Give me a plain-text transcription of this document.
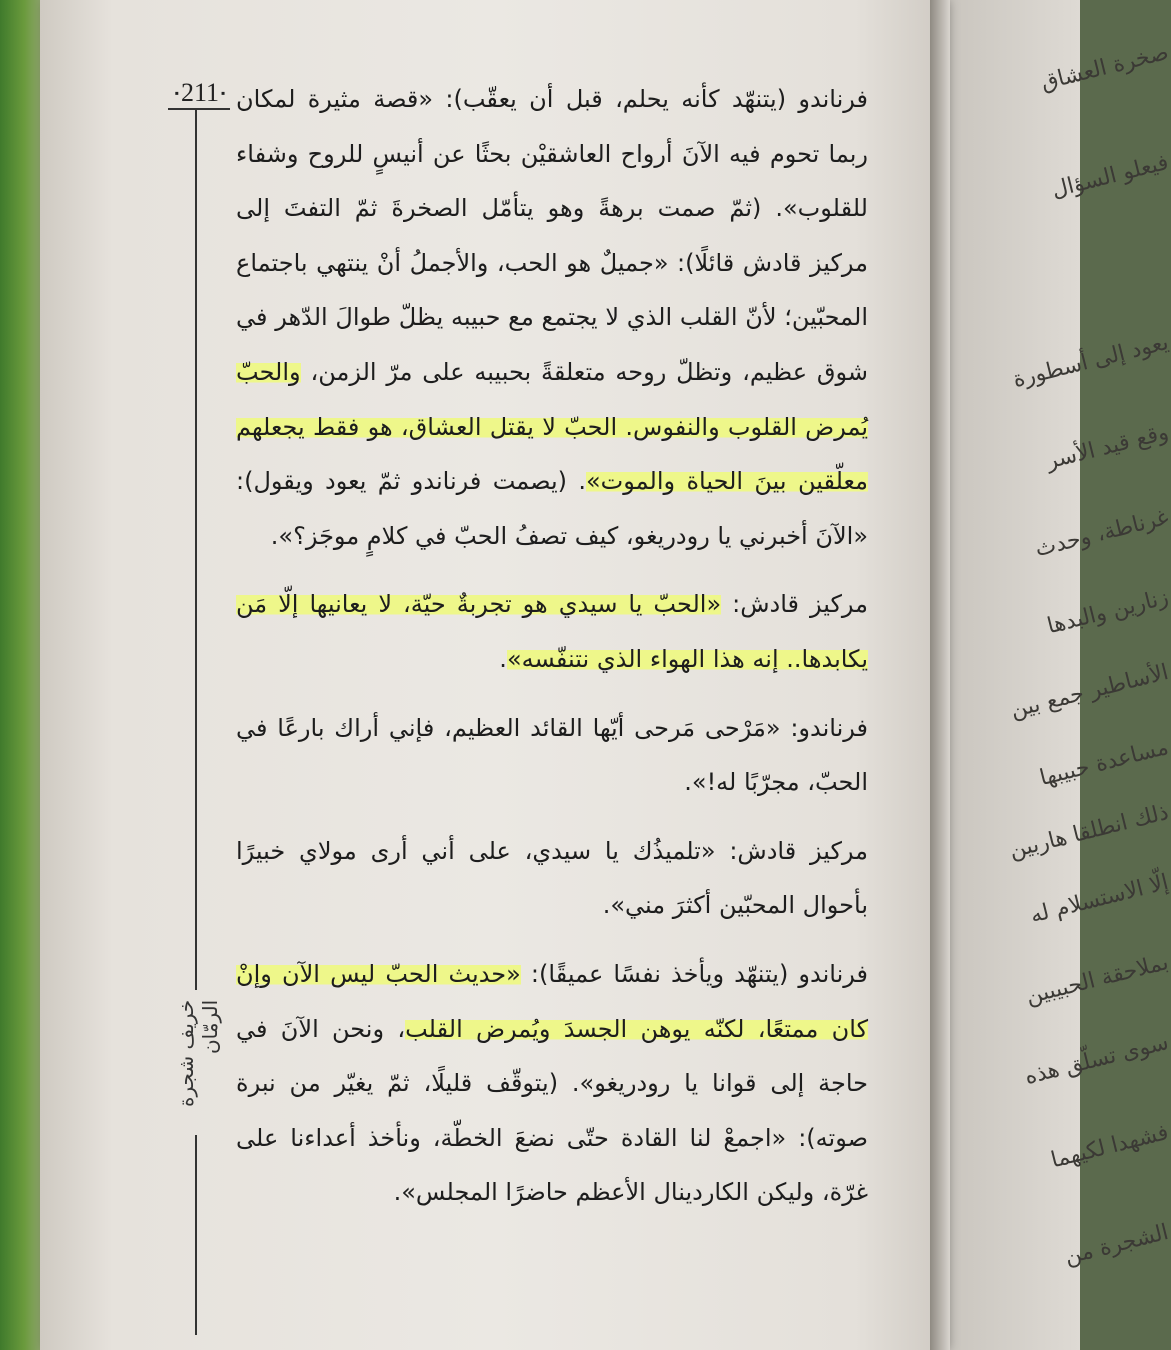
صخرة العشاق
فيعلو السؤال
يعود إلى أسطورة
وقع قيد الأسر
غرناطة، وحدث
زنارين والبدها
الأساطير جمع بين
مساعدة حبيبها
ذلك انطلقا هاربين
إلّا الاستسلام له
بملاحقة الحبيبين
سوى تسلّق هذه
فشهدا لكيهما
الشجرة من
▪ 211 ▪
خريف شجرة الرمّان

فرناندو (يتنهّد كأنه يحلم، قبل أن يعقّب): «قصة مثيرة لمكان ربما تحوم فيه الآنَ أرواح العاشقيْن بحثًا عن أنيسٍ للروح وشفاء للقلوب». (ثمّ صمت برهةً وهو يتأمّل الصخرةَ ثمّ التفتَ إلى مركيز قادش قائلًا): «جميلٌ هو الحب، والأجملُ أنْ ينتهي باجتماع المحبّين؛ لأنّ القلب الذي لا يجتمع مع حبيبه يظلّ طوالَ الدّهر في شوق عظيم، وتظلّ روحه متعلقةً بحبيبه على مرّ الزمن، والحبّ يُمرض القلوب والنفوس. الحبّ لا يقتل العشاق، هو فقط يجعلهم معلّقين بينَ الحياة والموت». (يصمت فرناندو ثمّ يعود ويقول): «الآنَ أخبرني يا رودريغو، كيف تصفُ الحبّ في كلامٍ موجَز؟».

مركيز قادش: «الحبّ يا سيدي هو تجربةٌ حيّة، لا يعانيها إلّا مَن يكابدها.. إنه هذا الهواء الذي نتنفّسه».

فرناندو: «مَرْحى مَرحى أيّها القائد العظيم، فإني أراك بارعًا في الحبّ، مجرّبًا له!».

مركيز قادش: «تلميذُك يا سيدي، على أني أرى مولاي خبيرًا بأحوال المحبّين أكثرَ مني».

فرناندو (يتنهّد ويأخذ نفسًا عميقًا): «حديث الحبّ ليس الآن وإنْ كان ممتعًا، لكنّه يوهن الجسدَ ويُمرض القلب، ونحن الآنَ في حاجة إلى قوانا يا رودريغو». (يتوقّف قليلًا، ثمّ يغيّر من نبرة صوته): «اجمعْ لنا القادة حتّى نضعَ الخطّة، ونأخذ أعداءنا على غرّة، وليكن الكاردينال الأعظم حاضرًا المجلس».
